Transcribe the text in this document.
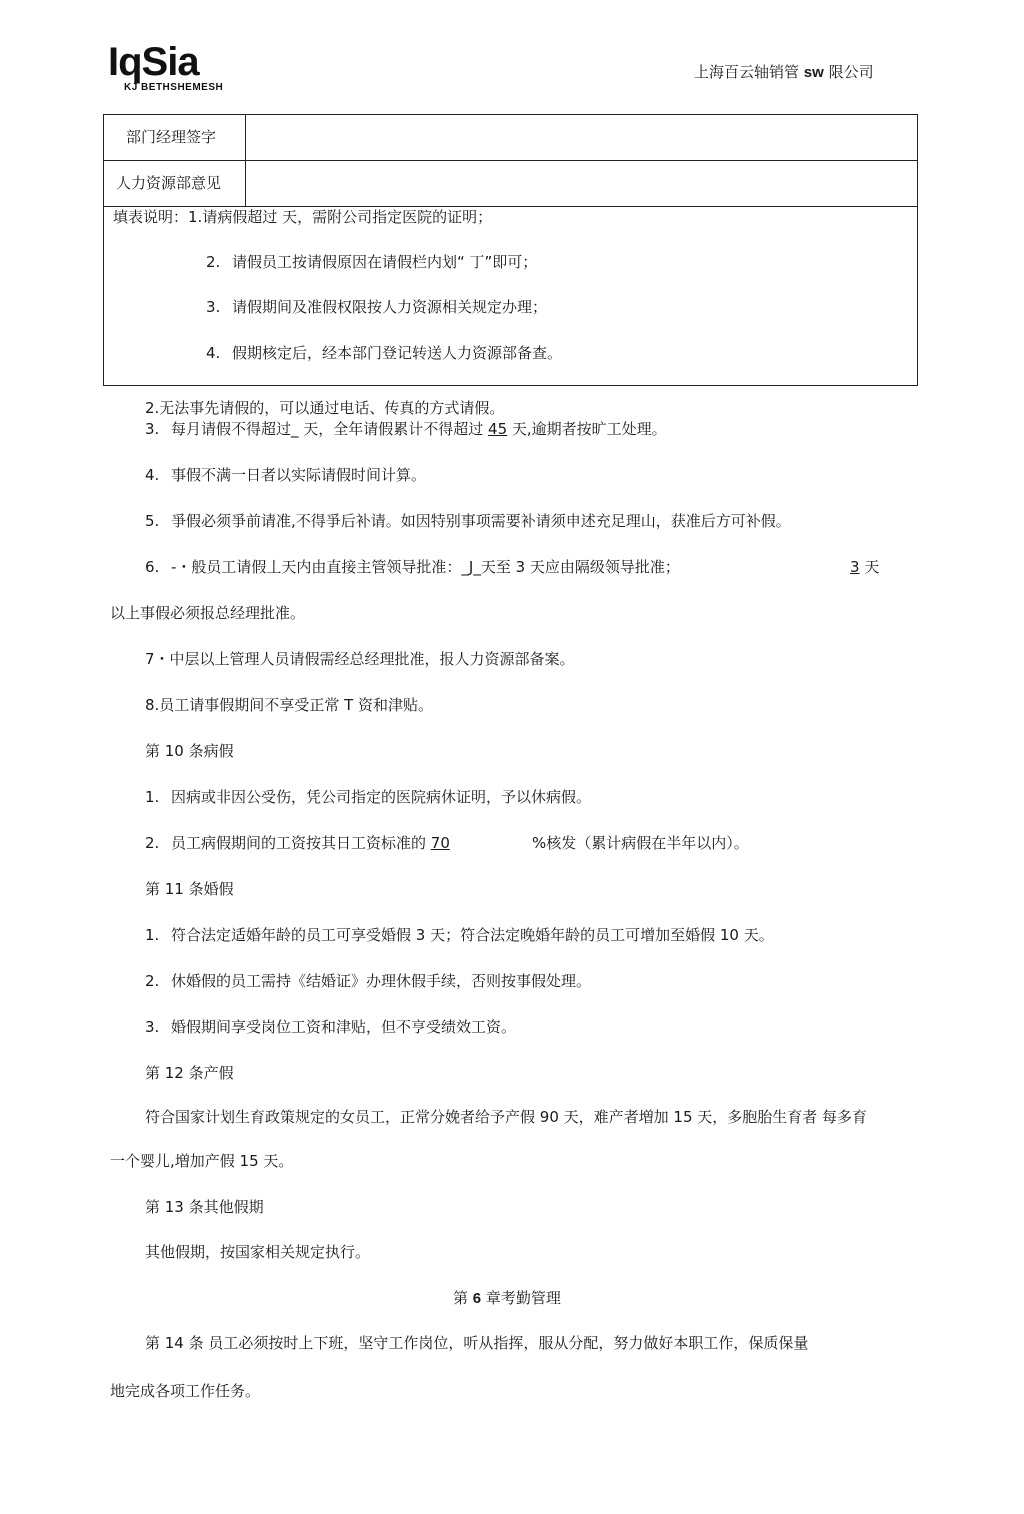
IqSia
KJ BETHSHEMESH
上海百云轴销管 sw 限公司
部门经理签字
人力资源部意见
填表说明：1.请病假超过 天，需附公司指定医院的证明；
2. 请假员工按请假原因在请假栏内划“ 丁”即可；
3. 请假期间及准假权限按人力资源相关规定办理；
4. 假期核定后，经本部门登记转送人力资源部备查。
2.无法事先请假的，可以通过电话、传真的方式请假。
3. 每月请假不得超过_ 天，全年请假累计不得超过 45 天,逾期者按旷工处理。
4. 事假不满一日者以实际请假时间计算。
5. 爭假必须爭前请准,不得爭后补请。如因特别事项需要补请须申述充足理山，获准后方可补假。
6. -・般员工请假丄天内由直接主管领导批准：_J_天至 3 天应由隔级领导批准；	3 天
以上事假必须报总经理批准。
7・中层以上管理人员请假需经总经理批准，报人力资源部备案。
8.员工请事假期间不享受正常 T 资和津贴。
第 10 条病假
1. 因病或非因公受伤，凭公司指定的医院病休证明，予以休病假。
2. 员工病假期间的工资按其日工资标准的 70	%核发（累计病假在半年以内）。
第 11 条婚假
1. 符合法定适婚年龄的员工可享受婚假 3 天；符合法定晚婚年龄的员工可增加至婚假 10 天。
2. 休婚假的员工需持《结婚证》办理休假手续，否则按事假处理。
3. 婚假期间享受岗位工资和津贴，但不亨受绩效工资。
第 12 条产假
符合国家计划生育政策规定的女员工，正常分娩者给予产假 90 天，难产者増加 15 天，多胞胎生育者 每多育
一个婴儿,増加产假 15 天。
第 13 条其他假期
其他假期，按国家相关规定执行。
第 6 章考勤管理
第 14 条 员工必须按时上下班，坚守工作岗位，听从指挥，服从分配，努力做好本职工作，保质保量
地完成各项工作任务。
